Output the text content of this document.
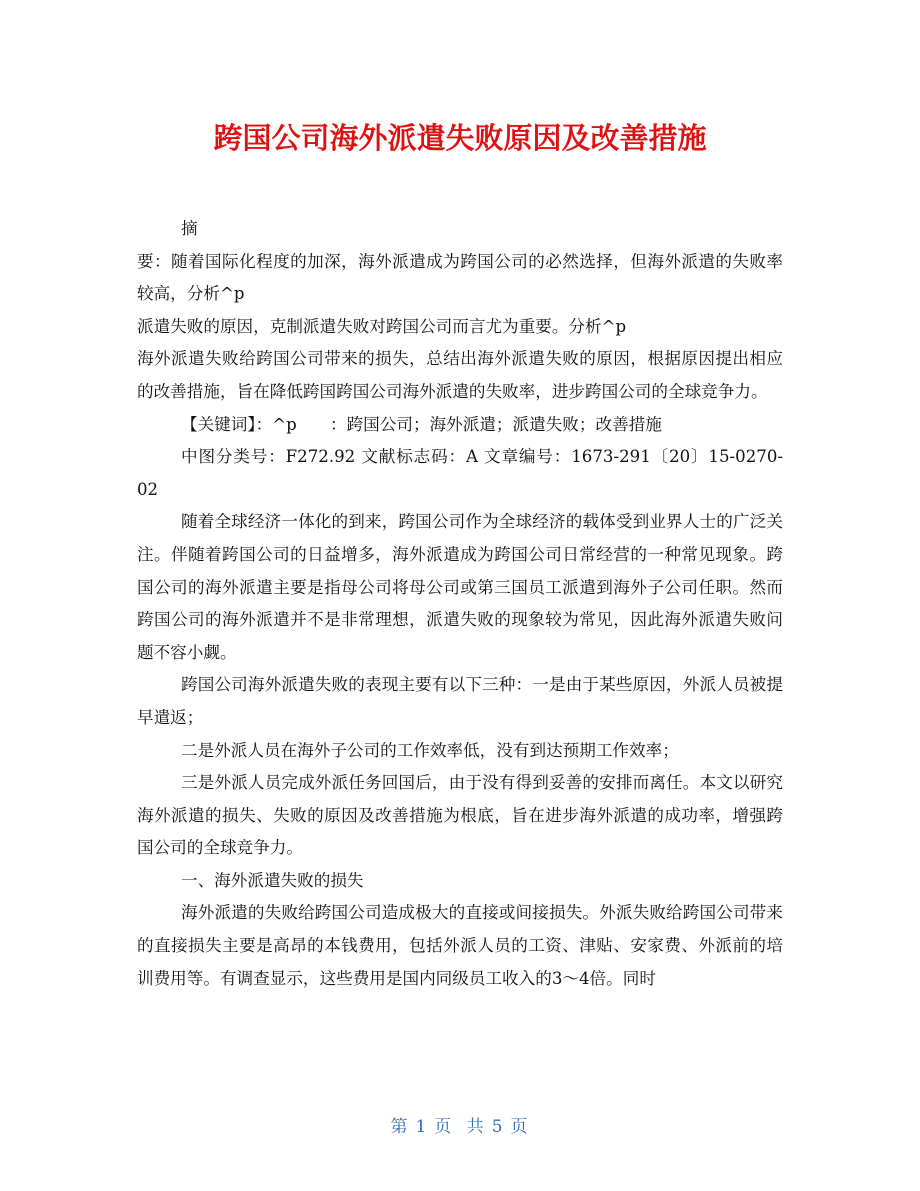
跨国公司海外派遣失败原因及改善措施

摘

要：随着国际化程度的加深，海外派遣成为跨国公司的必然选择，但海外派遣的失败率较高，分析^p

派遣失败的原因，克制派遣失败对跨国公司而言尤为重要。分析^p

海外派遣失败给跨国公司带来的损失，总结出海外派遣失败的原因，根据原因提出相应的改善措施，旨在降低跨国跨国公司海外派遣的失败率，进步跨国公司的全球竞争力。

【关键词】：^p　　：跨国公司；海外派遣；派遣失败；改善措施

中图分类号：F272.92 文献标志码：A 文章编号：1673-291〔20〕15-0270-02

随着全球经济一体化的到来，跨国公司作为全球经济的载体受到业界人士的广泛关注。伴随着跨国公司的日益增多，海外派遣成为跨国公司日常经营的一种常见现象。跨国公司的海外派遣主要是指母公司将母公司或第三国员工派遣到海外子公司任职。然而跨国公司的海外派遣并不是非常理想，派遣失败的现象较为常见，因此海外派遣失败问题不容小觑。

跨国公司海外派遣失败的表现主要有以下三种：一是由于某些原因，外派人员被提早遣返；

二是外派人员在海外子公司的工作效率低，没有到达预期工作效率；

三是外派人员完成外派任务回国后，由于没有得到妥善的安排而离任。本文以研究海外派遣的损失、失败的原因及改善措施为根底，旨在进步海外派遣的成功率，增强跨国公司的全球竞争力。

一、海外派遣失败的损失

海外派遣的失败给跨国公司造成极大的直接或间接损失。外派失败给跨国公司带来的直接损失主要是高昂的本钱费用，包括外派人员的工资、津贴、安家费、外派前的培训费用等。有调查显示，这些费用是国内同级员工收入的3～4倍。同时

第 1 页 共 5 页
